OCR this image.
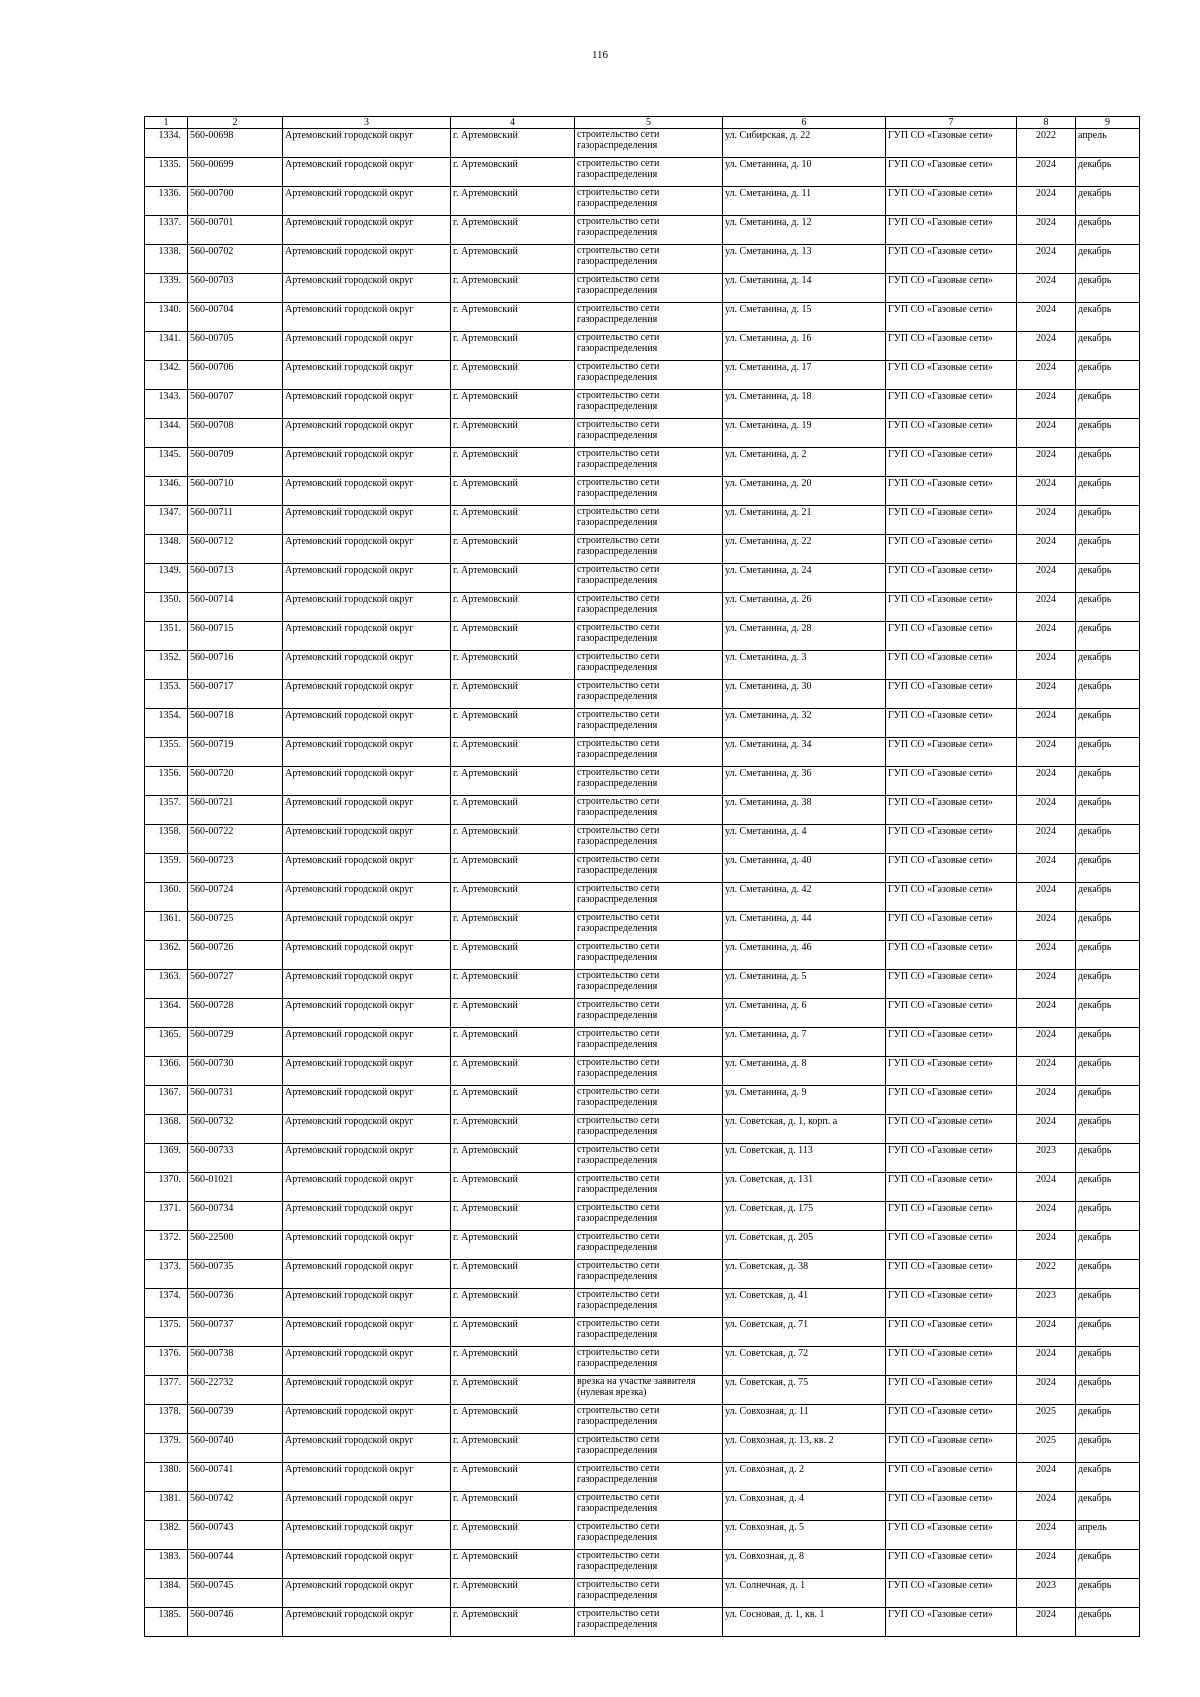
116
1	2	3	4	5	6	7	8	9
1334.	560-00698	Артемовский городской округ	г. Артемовский	строительство сети газораспределения	ул. Сибирская, д. 22	ГУП СО «Газовые сети»	2022	апрель
1335.	560-00699	Артемовский городской округ	г. Артемовский	строительство сети газораспределения	ул. Сметанина, д. 10	ГУП СО «Газовые сети»	2024	декабрь
1336.	560-00700	Артемовский городской округ	г. Артемовский	строительство сети газораспределения	ул. Сметанина, д. 11	ГУП СО «Газовые сети»	2024	декабрь
1337.	560-00701	Артемовский городской округ	г. Артемовский	строительство сети газораспределения	ул. Сметанина, д. 12	ГУП СО «Газовые сети»	2024	декабрь
1338.	560-00702	Артемовский городской округ	г. Артемовский	строительство сети газораспределения	ул. Сметанина, д. 13	ГУП СО «Газовые сети»	2024	декабрь
1339.	560-00703	Артемовский городской округ	г. Артемовский	строительство сети газораспределения	ул. Сметанина, д. 14	ГУП СО «Газовые сети»	2024	декабрь
1340.	560-00704	Артемовский городской округ	г. Артемовский	строительство сети газораспределения	ул. Сметанина, д. 15	ГУП СО «Газовые сети»	2024	декабрь
1341.	560-00705	Артемовский городской округ	г. Артемовский	строительство сети газораспределения	ул. Сметанина, д. 16	ГУП СО «Газовые сети»	2024	декабрь
1342.	560-00706	Артемовский городской округ	г. Артемовский	строительство сети газораспределения	ул. Сметанина, д. 17	ГУП СО «Газовые сети»	2024	декабрь
1343.	560-00707	Артемовский городской округ	г. Артемовский	строительство сети газораспределения	ул. Сметанина, д. 18	ГУП СО «Газовые сети»	2024	декабрь
1344.	560-00708	Артемовский городской округ	г. Артемовский	строительство сети газораспределения	ул. Сметанина, д. 19	ГУП СО «Газовые сети»	2024	декабрь
1345.	560-00709	Артемовский городской округ	г. Артемовский	строительство сети газораспределения	ул. Сметанина, д. 2	ГУП СО «Газовые сети»	2024	декабрь
1346.	560-00710	Артемовский городской округ	г. Артемовский	строительство сети газораспределения	ул. Сметанина, д. 20	ГУП СО «Газовые сети»	2024	декабрь
1347.	560-00711	Артемовский городской округ	г. Артемовский	строительство сети газораспределения	ул. Сметанина, д. 21	ГУП СО «Газовые сети»	2024	декабрь
1348.	560-00712	Артемовский городской округ	г. Артемовский	строительство сети газораспределения	ул. Сметанина, д. 22	ГУП СО «Газовые сети»	2024	декабрь
1349.	560-00713	Артемовский городской округ	г. Артемовский	строительство сети газораспределения	ул. Сметанина, д. 24	ГУП СО «Газовые сети»	2024	декабрь
1350.	560-00714	Артемовский городской округ	г. Артемовский	строительство сети газораспределения	ул. Сметанина, д. 26	ГУП СО «Газовые сети»	2024	декабрь
1351.	560-00715	Артемовский городской округ	г. Артемовский	строительство сети газораспределения	ул. Сметанина, д. 28	ГУП СО «Газовые сети»	2024	декабрь
1352.	560-00716	Артемовский городской округ	г. Артемовский	строительство сети газораспределения	ул. Сметанина, д. 3	ГУП СО «Газовые сети»	2024	декабрь
1353.	560-00717	Артемовский городской округ	г. Артемовский	строительство сети газораспределения	ул. Сметанина, д. 30	ГУП СО «Газовые сети»	2024	декабрь
1354.	560-00718	Артемовский городской округ	г. Артемовский	строительство сети газораспределения	ул. Сметанина, д. 32	ГУП СО «Газовые сети»	2024	декабрь
1355.	560-00719	Артемовский городской округ	г. Артемовский	строительство сети газораспределения	ул. Сметанина, д. 34	ГУП СО «Газовые сети»	2024	декабрь
1356.	560-00720	Артемовский городской округ	г. Артемовский	строительство сети газораспределения	ул. Сметанина, д. 36	ГУП СО «Газовые сети»	2024	декабрь
1357.	560-00721	Артемовский городской округ	г. Артемовский	строительство сети газораспределения	ул. Сметанина, д. 38	ГУП СО «Газовые сети»	2024	декабрь
1358.	560-00722	Артемовский городской округ	г. Артемовский	строительство сети газораспределения	ул. Сметанина, д. 4	ГУП СО «Газовые сети»	2024	декабрь
1359.	560-00723	Артемовский городской округ	г. Артемовский	строительство сети газораспределения	ул. Сметанина, д. 40	ГУП СО «Газовые сети»	2024	декабрь
1360.	560-00724	Артемовский городской округ	г. Артемовский	строительство сети газораспределения	ул. Сметанина, д. 42	ГУП СО «Газовые сети»	2024	декабрь
1361.	560-00725	Артемовский городской округ	г. Артемовский	строительство сети газораспределения	ул. Сметанина, д. 44	ГУП СО «Газовые сети»	2024	декабрь
1362.	560-00726	Артемовский городской округ	г. Артемовский	строительство сети газораспределения	ул. Сметанина, д. 46	ГУП СО «Газовые сети»	2024	декабрь
1363.	560-00727	Артемовский городской округ	г. Артемовский	строительство сети газораспределения	ул. Сметанина, д. 5	ГУП СО «Газовые сети»	2024	декабрь
1364.	560-00728	Артемовский городской округ	г. Артемовский	строительство сети газораспределения	ул. Сметанина, д. 6	ГУП СО «Газовые сети»	2024	декабрь
1365.	560-00729	Артемовский городской округ	г. Артемовский	строительство сети газораспределения	ул. Сметанина, д. 7	ГУП СО «Газовые сети»	2024	декабрь
1366.	560-00730	Артемовский городской округ	г. Артемовский	строительство сети газораспределения	ул. Сметанина, д. 8	ГУП СО «Газовые сети»	2024	декабрь
1367.	560-00731	Артемовский городской округ	г. Артемовский	строительство сети газораспределения	ул. Сметанина, д. 9	ГУП СО «Газовые сети»	2024	декабрь
1368.	560-00732	Артемовский городской округ	г. Артемовский	строительство сети газораспределения	ул. Советская, д. 1, корп. а	ГУП СО «Газовые сети»	2024	декабрь
1369.	560-00733	Артемовский городской округ	г. Артемовский	строительство сети газораспределения	ул. Советская, д. 113	ГУП СО «Газовые сети»	2023	декабрь
1370.	560-01021	Артемовский городской округ	г. Артемовский	строительство сети газораспределения	ул. Советская, д. 131	ГУП СО «Газовые сети»	2024	декабрь
1371.	560-00734	Артемовский городской округ	г. Артемовский	строительство сети газораспределения	ул. Советская, д. 175	ГУП СО «Газовые сети»	2024	декабрь
1372.	560-22500	Артемовский городской округ	г. Артемовский	строительство сети газораспределения	ул. Советская, д. 205	ГУП СО «Газовые сети»	2024	декабрь
1373.	560-00735	Артемовский городской округ	г. Артемовский	строительство сети газораспределения	ул. Советская, д. 38	ГУП СО «Газовые сети»	2022	декабрь
1374.	560-00736	Артемовский городской округ	г. Артемовский	строительство сети газораспределения	ул. Советская, д. 41	ГУП СО «Газовые сети»	2023	декабрь
1375.	560-00737	Артемовский городской округ	г. Артемовский	строительство сети газораспределения	ул. Советская, д. 71	ГУП СО «Газовые сети»	2024	декабрь
1376.	560-00738	Артемовский городской округ	г. Артемовский	строительство сети газораспределения	ул. Советская, д. 72	ГУП СО «Газовые сети»	2024	декабрь
1377.	560-22732	Артемовский городской округ	г. Артемовский	врезка на участке заявителя (нулевая врезка)	ул. Советская, д. 75	ГУП СО «Газовые сети»	2024	декабрь
1378.	560-00739	Артемовский городской округ	г. Артемовский	строительство сети газораспределения	ул. Совхозная, д. 11	ГУП СО «Газовые сети»	2025	декабрь
1379.	560-00740	Артемовский городской округ	г. Артемовский	строительство сети газораспределения	ул. Совхозная, д. 13, кв. 2	ГУП СО «Газовые сети»	2025	декабрь
1380.	560-00741	Артемовский городской округ	г. Артемовский	строительство сети газораспределения	ул. Совхозная, д. 2	ГУП СО «Газовые сети»	2024	декабрь
1381.	560-00742	Артемовский городской округ	г. Артемовский	строительство сети газораспределения	ул. Совхозная, д. 4	ГУП СО «Газовые сети»	2024	декабрь
1382.	560-00743	Артемовский городской округ	г. Артемовский	строительство сети газораспределения	ул. Совхозная, д. 5	ГУП СО «Газовые сети»	2024	апрель
1383.	560-00744	Артемовский городской округ	г. Артемовский	строительство сети газораспределения	ул. Совхозная, д. 8	ГУП СО «Газовые сети»	2024	декабрь
1384.	560-00745	Артемовский городской округ	г. Артемовский	строительство сети газораспределения	ул. Солнечная, д. 1	ГУП СО «Газовые сети»	2023	декабрь
1385.	560-00746	Артемовский городской округ	г. Артемовский	строительство сети газораспределения	ул. Сосновая, д. 1, кв. 1	ГУП СО «Газовые сети»	2024	декабрь
